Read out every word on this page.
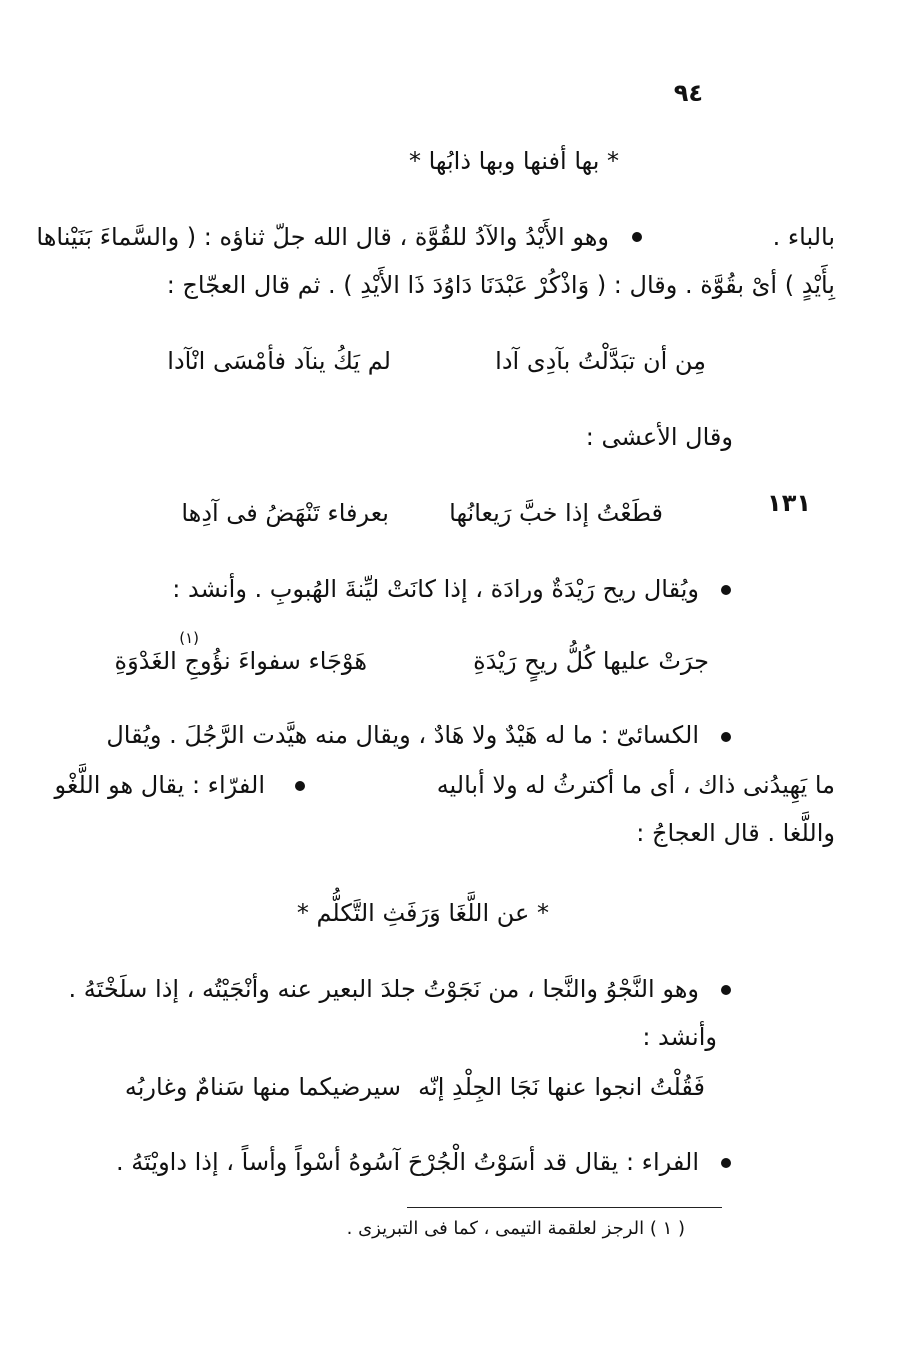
٩٤
* بها أفنها وبها ذابُها *
بالباء .
وهو الأَيْدُ والآدُ للقُوَّة ، قال الله جلّ ثناؤه : ( والسَّماءَ بَنَيْناها
بِأَيْدٍ ) أىْ بقُوَّة . وقال : ( وَاذْكُرْ عَبْدَنَا دَاوُدَ ذَا الأَيْدِ ) . ثم قال العجّاج :
مِن أن تبَدَّلْتُ بآدِى آدا
لم يَكُ ينآد فأمْسَى انْآدا
وقال الأعشى :
١٣١
قطَعْتُ إذا خبَّ رَيعانُها
بعرفاء تَنْهَضُ فى آدِها
ويُقال ريح رَيْدَةٌ ورادَة ، إذا كانَتْ ليِّنةَ الهُبوبِ . وأنشد :
جرَتْ عليها كُلُّ ريحٍ رَيْدَةِ
هَوْجَاء سفواءَ نؤُوجِ الغَدْوَةِ
(١)
الكسائىّ : ما له هَيْدٌ ولا هَادٌ ، ويقال منه هيَّدت الرَّجُلَ . ويُقال
ما يَهِيدُنى ذاك ، أى ما أكترثُ له ولا أباليه
الفرّاء : يقال هو اللَّغْو
واللَّغا . قال العجاجُ :
* عن اللَّغَا وَرَفَثِ التَّكلُّم *
وهو النَّجْوُ والنَّجا ، من نَجَوْتُ جلدَ البعير عنه وأنْجَيْتُه ، إذا سلَخْتَهُ .
وأنشد :
فَقُلْتُ انجوا عنها نَجَا الجِلْدِ إنّه
سيرضيكما منها سَنامٌ وغاربُه
الفراء : يقال قد أسَوْتُ الْجُرْحَ آسُوهُ أسْواً وأساً ، إذا داويْتَهُ .
( ١ ) الرجز لعلقمة التيمى ، كما فى التبريزى .
